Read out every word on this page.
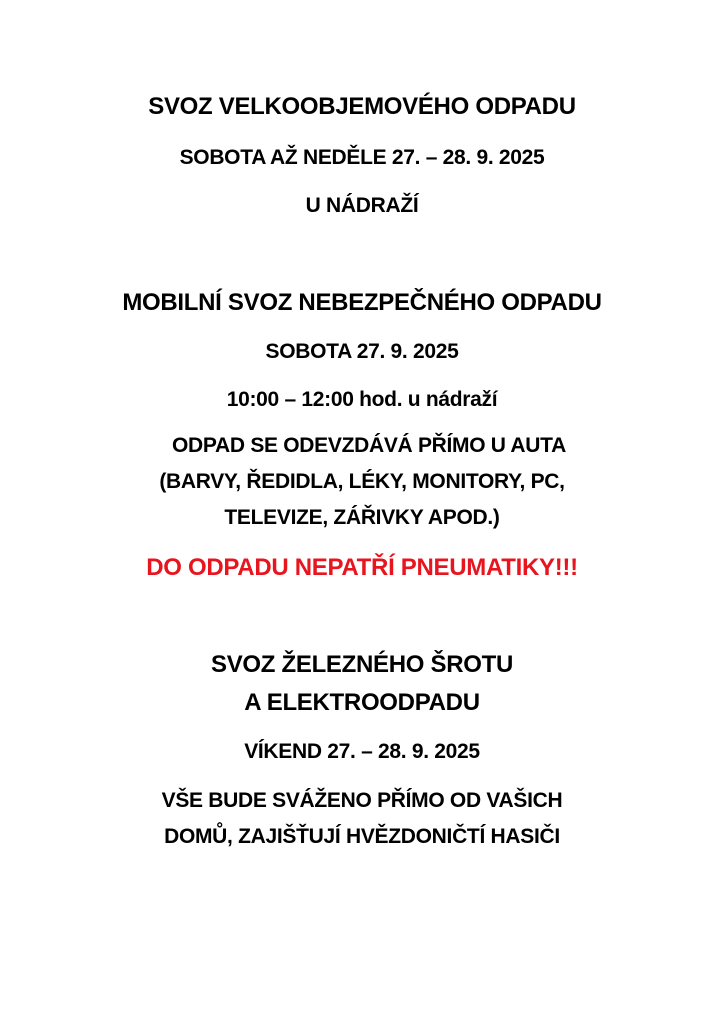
SVOZ VELKOOBJEMOVÉHO ODPADU
SOBOTA AŽ NEDĚLE 27. – 28. 9. 2025
U NÁDRAŽÍ
MOBILNÍ SVOZ NEBEZPEČNÉHO ODPADU
SOBOTA 27. 9. 2025
10:00 – 12:00 hod. u nádraží
ODPAD SE ODEVZDÁVÁ PŘÍMO U AUTA
(BARVY, ŘEDIDLA, LÉKY, MONITORY, PC,
TELEVIZE, ZÁŘIVKY APOD.)
DO ODPADU NEPATŘÍ PNEUMATIKY!!!
SVOZ ŽELEZNÉHO ŠROTU
A ELEKTROODPADU
VÍKEND 27. – 28. 9. 2025
VŠE BUDE SVÁŽENO PŘÍMO OD VAŠICH
DOMŮ, ZAJIŠŤUJÍ HVĚZDONIČTÍ HASIČI
